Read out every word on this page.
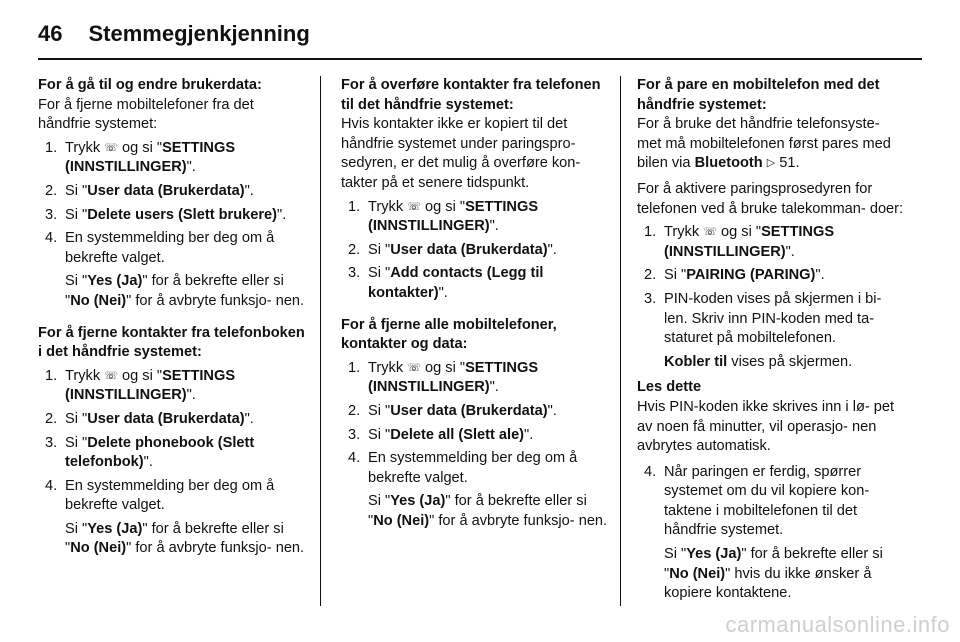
46 Stemmegjenkjenning

For å gå til og endre brukerdata:

For å fjerne mobiltelefoner fra det håndfrie systemet:

1. Trykk ☏ og si "SETTINGS (INNSTILLINGER)".
2. Si "User data (Brukerdata)".
3. Si "Delete users (Slett brukere)".
4. En systemmelding ber deg om å bekrefte valget.
Si "Yes (Ja)" for å bekrefte eller si "No (Nei)" for å avbryte funksjo- nen.

For å fjerne kontakter fra telefonboken i det håndfrie systemet:

1. Trykk ☏ og si "SETTINGS (INNSTILLINGER)".
2. Si "User data (Brukerdata)".
3. Si "Delete phonebook (Slett telefonbok)".
4. En systemmelding ber deg om å bekrefte valget.
Si "Yes (Ja)" for å bekrefte eller si "No (Nei)" for å avbryte funksjo- nen.

For å overføre kontakter fra telefonen til det håndfrie systemet:

Hvis kontakter ikke er kopiert til det håndfrie systemet under paringspro- sedyren, er det mulig å overføre kon- takter på et senere tidspunkt.

1. Trykk ☏ og si "SETTINGS (INNSTILLINGER)".
2. Si "User data (Brukerdata)".
3. Si "Add contacts (Legg til kontakter)".

For å fjerne alle mobiltelefoner, kontakter og data:

1. Trykk ☏ og si "SETTINGS (INNSTILLINGER)".
2. Si "User data (Brukerdata)".
3. Si "Delete all (Slett ale)".
4. En systemmelding ber deg om å bekrefte valget.
Si "Yes (Ja)" for å bekrefte eller si "No (Nei)" for å avbryte funksjo- nen.

For å pare en mobiltelefon med det håndfrie systemet:

For å bruke det håndfrie telefonsyste- met må mobiltelefonen først pares med bilen via Bluetooth ▷ 51.

For å aktivere paringsprosedyren for telefonen ved å bruke talekomman- doer:

1. Trykk ☏ og si "SETTINGS (INNSTILLINGER)".
2. Si "PAIRING (PARING)".
3. PIN-koden vises på skjermen i bi- len. Skriv inn PIN-koden med ta- staturet på mobiltelefonen.
Kobler til vises på skjermen.

Les dette

Hvis PIN-koden ikke skrives inn i lø- pet av noen få minutter, vil operasjo- nen avbrytes automatisk.

4. Når paringen er ferdig, spørrer systemet om du vil kopiere kon- taktene i mobiltelefonen til det håndfrie systemet.
Si "Yes (Ja)" for å bekrefte eller si "No (Nei)" hvis du ikke ønsker å kopiere kontaktene.
carmanualsonline.info
